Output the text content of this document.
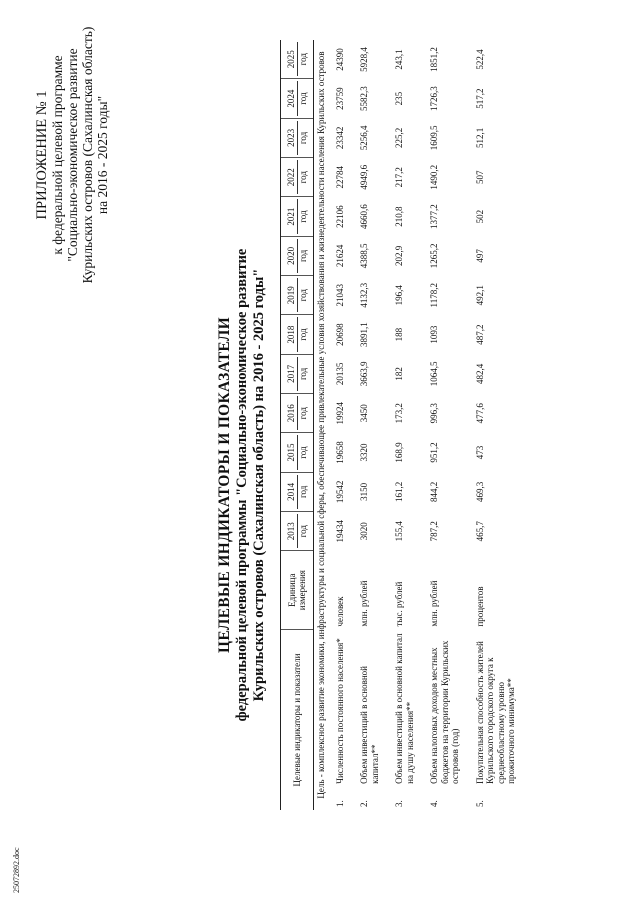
ПРИЛОЖЕНИЕ № 1 к федеральной целевой программе "Социально-экономическое развитие Курильских островов (Сахалинская область) на 2016 - 2025 годы"
ЦЕЛЕВЫЕ ИНДИКАТОРЫ И ПОКАЗАТЕЛИ федеральной целевой программы "Социально-экономическое развитие Курильских островов (Сахалинская область) на 2016 - 2025 годы"
Целевые индикаторы и показатели		Единица измерения	2013 год	2014 год	2015 год	2016 год	2017 год	2018 год	2019 год	2020 год	2021 год	2022 год	2023 год	2024 год	2025 год

Цель - комплексное развитие экономики, инфраструктуры и социальной сферы, обеспечивающее привлекательные условия хозяйствования и жизнедеятельности населения Курильских островов															
1.	Численность постоянного населения*	человек	19434	19542	19658	19924	20135	20698	21043	21624	22106	22784	23342	23759	24390
2.	Объем инвестиций в основной капитал**	млн. рублей	3020	3150	3320	3450	3663,9	3891,1	4132,3	4388,5	4660,6	4949,6	5256,4	5582,3	5928,4
3.	Объем инвестиций в основной капитал на душу населения**	тыс. рублей	155,4	161,2	168,9	173,2	182	188	196,4	202,9	210,8	217,2	225,2	235	243,1
4.	Объем налоговых доходов местных бюджетов на территории Курильских островов (год)	млн. рублей	787,2	844,2	951,2	996,3	1064,5	1093	1178,2	1265,2	1377,2	1490,2	1609,5	1726,3	1851,2
5.	Покупательная способность жителей Курильского городского округа к среднеобластному уровню прожиточного минимума**	процентов	465,7	469,3	473	477,6	482,4	487,2	492,1	497	502	507	512,1	517,2	522,4
25072892.doc
